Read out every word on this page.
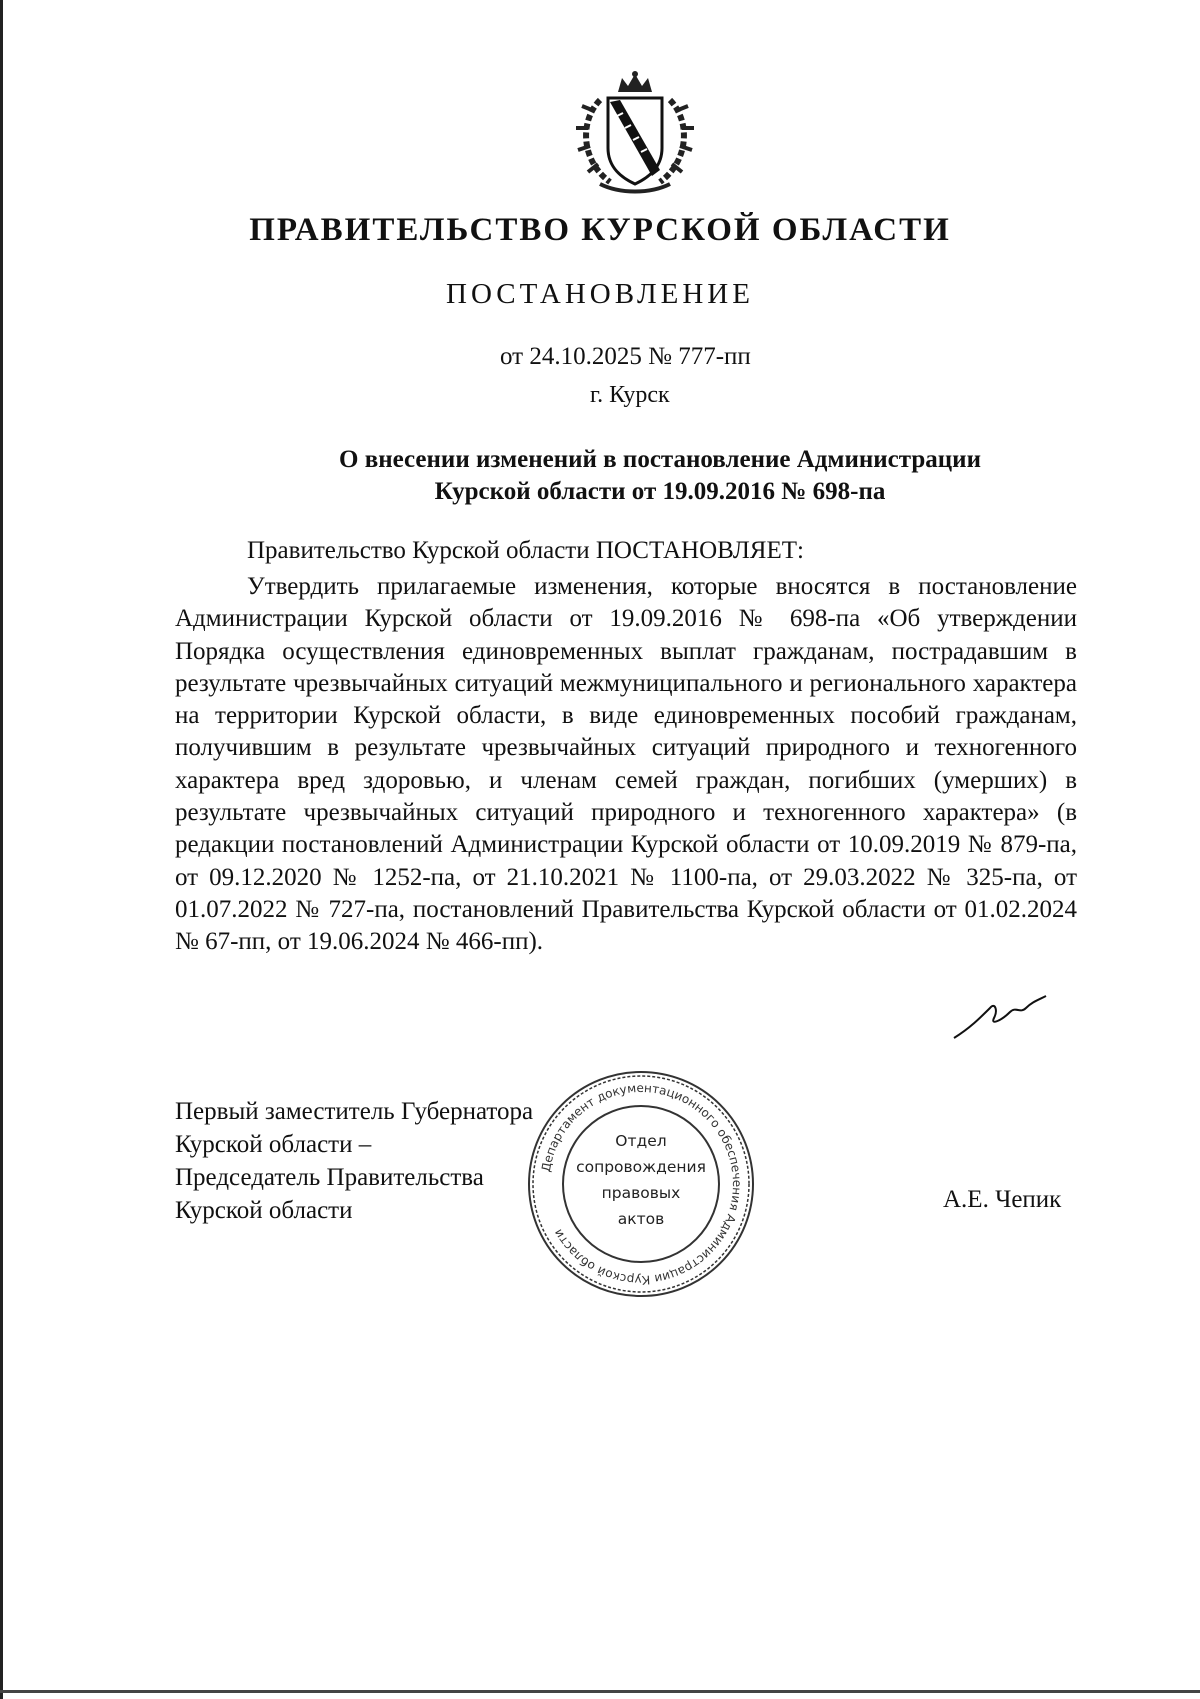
ПРАВИТЕЛЬСТВО КУРСКОЙ ОБЛАСТИ
ПОСТАНОВЛЕНИЕ
от 24.10.2025 № 777-пп
г. Курск
О внесении изменений в постановление Администрации
Курской области от 19.09.2016 № 698-па
Правительство Курской области ПОСТАНОВЛЯЕТ:
Утвердить прилагаемые изменения, которые вносятся в постановление Администрации Курской области от 19.09.2016 № 698-па «Об утверждении Порядка осуществления единовременных выплат гражданам, пострадавшим в результате чрезвычайных ситуаций межмуниципального и регионального характера на территории Курской области, в виде единовременных пособий гражданам, получившим в результате чрезвычайных ситуаций природного и техногенного характера вред здоровью, и членам семей граждан, погибших (умерших) в результате чрезвычайных ситуаций природного и техногенного характера» (в редакции постановлений Администрации Курской области от 10.09.2019 № 879-па, от 09.12.2020 № 1252-па, от 21.10.2021 № 1100-па, от 29.03.2022 № 325-па, от 01.07.2022 № 727-па, постановлений Правительства Курской области от 01.02.2024 № 67-пп, от 19.06.2024 № 466-пп).
Первый заместитель Губернатора
Курской области –
Председатель Правительства
Курской области	А.Е. Чепик
Департамент документационного обеспечения Администрации Курской области
Отдел
сопровождения
правовых
актов
